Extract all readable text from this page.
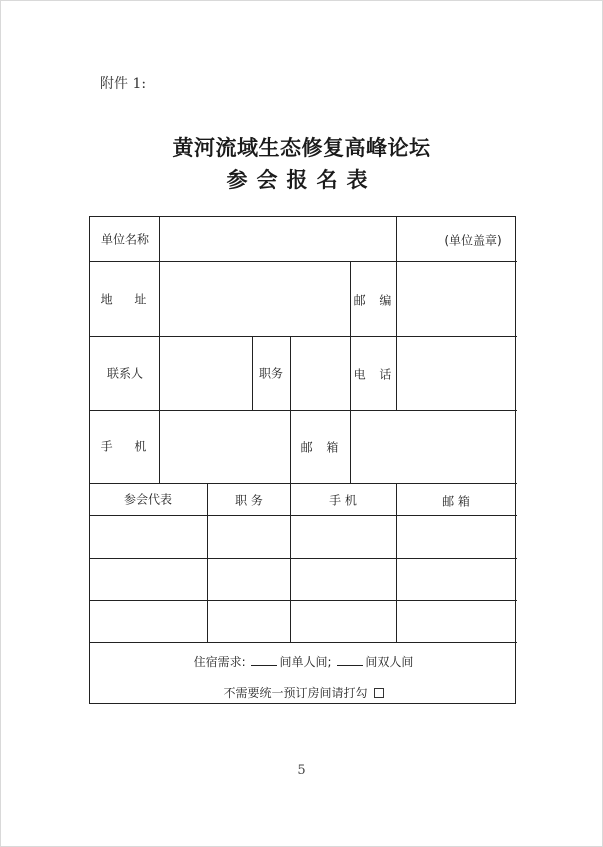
附件 1:
黄河流域生态修复高峰论坛
参会报名表
单位名称	(单位盖章)
地 址	邮 编
联系人	职务	电 话
手 机	邮 箱
参会代表	职 务	手 机	邮 箱
住宿需求:	间单人间;	间双人间
不需要统一预订房间请打勾
5
